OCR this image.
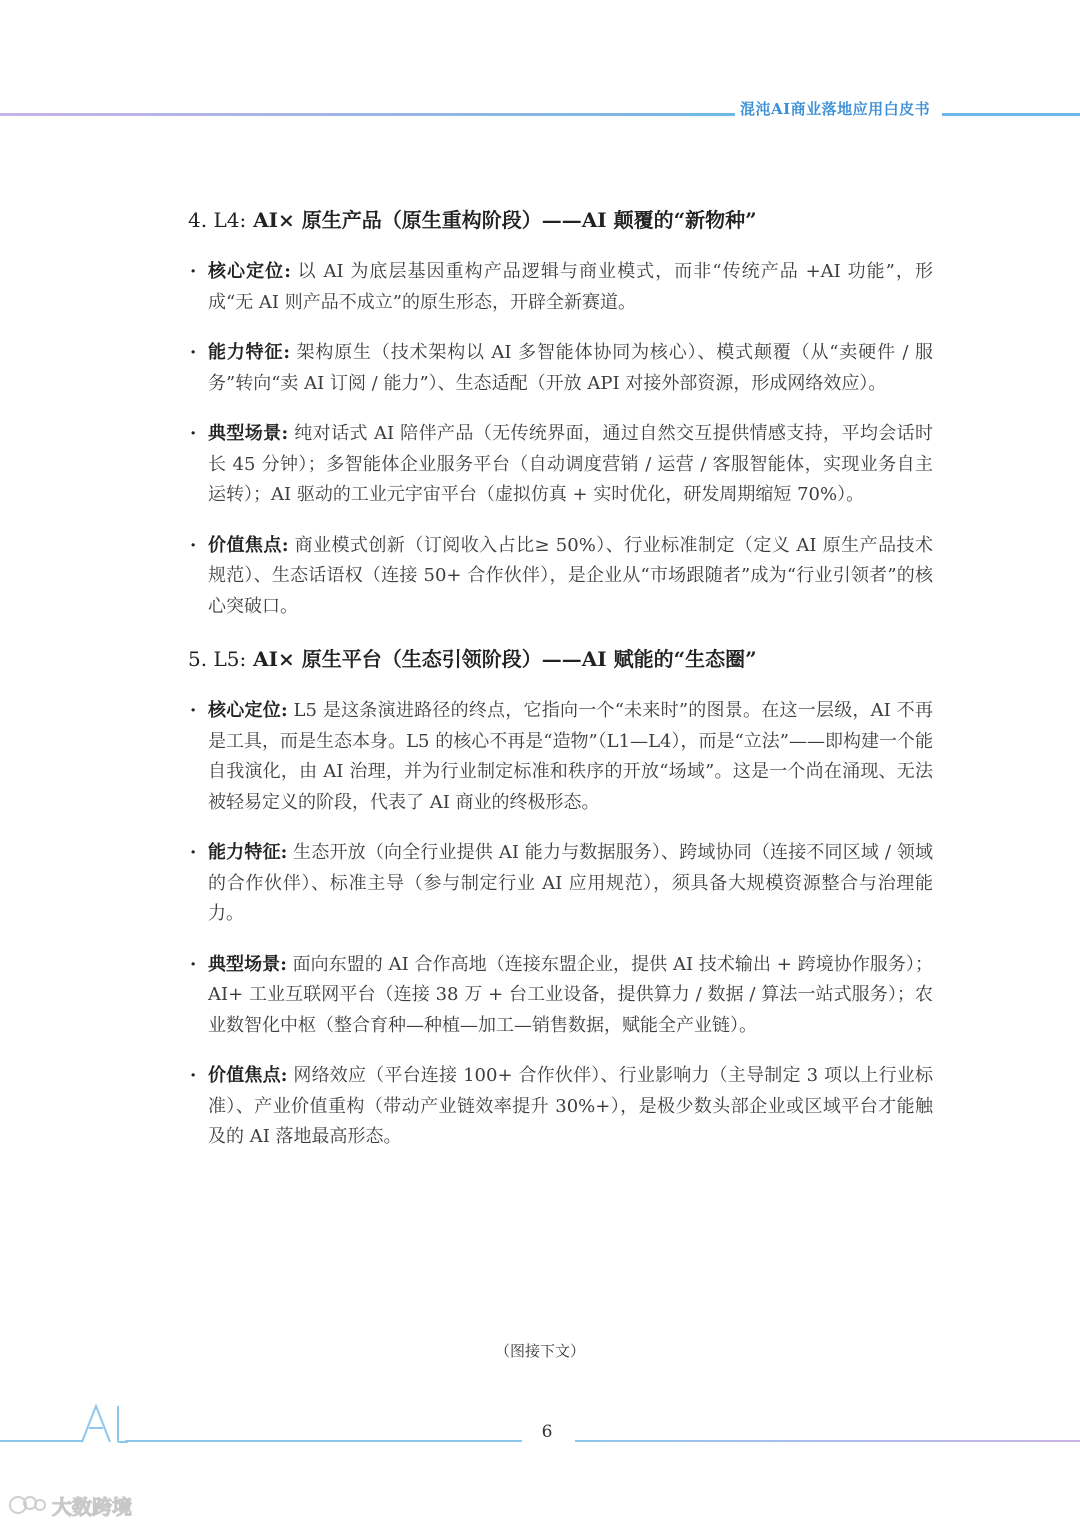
混沌AI商业落地应用白皮书
4. L4: AI× 原生产品（原生重构阶段）——AI 颠覆的“新物种”
· 核心定位: 以 AI 为底层基因重构产品逻辑与商业模式，而非“传统产品 +AI 功能”，形成“无 AI 则产品不成立”的原生形态，开辟全新赛道。
· 能力特征: 架构原生（技术架构以 AI 多智能体协同为核心）、模式颠覆（从“卖硬件 / 服务”转向“卖 AI 订阅 / 能力”）、生态适配（开放 API 对接外部资源，形成网络效应）。
· 典型场景: 纯对话式 AI 陪伴产品（无传统界面，通过自然交互提供情感支持，平均会话时长 45 分钟）；多智能体企业服务平台（自动调度营销 / 运营 / 客服智能体，实现业务自主运转）；AI 驱动的工业元宇宙平台（虚拟仿真 + 实时优化，研发周期缩短 70%）。
· 价值焦点: 商业模式创新（订阅收入占比≥ 50%）、行业标准制定（定义 AI 原生产品技术规范）、生态话语权（连接 50+ 合作伙伴），是企业从“市场跟随者”成为“行业引领者”的核心突破口。
5. L5: AI× 原生平台（生态引领阶段）——AI 赋能的“生态圈”
· 核心定位: L5 是这条演进路径的终点，它指向一个“未来时”的图景。在这一层级，AI 不再是工具，而是生态本身。L5 的核心不再是“造物”（L1—L4），而是“立法”——即构建一个能自我演化，由 AI 治理，并为行业制定标准和秩序的开放“场域”。这是一个尚在涌现、无法被轻易定义的阶段，代表了 AI 商业的终极形态。
· 能力特征: 生态开放（向全行业提供 AI 能力与数据服务）、跨域协同（连接不同区域 / 领域的合作伙伴）、标准主导（参与制定行业 AI 应用规范），须具备大规模资源整合与治理能力。
· 典型场景: 面向东盟的 AI 合作高地（连接东盟企业，提供 AI 技术输出 + 跨境协作服务）；AI+ 工业互联网平台（连接 38 万 + 台工业设备，提供算力 / 数据 / 算法一站式服务）；农业数智化中枢（整合育种—种植—加工—销售数据，赋能全产业链）。
· 价值焦点: 网络效应（平台连接 100+ 合作伙伴）、行业影响力（主导制定 3 项以上行业标准）、产业价值重构（带动产业链效率提升 30%+），是极少数头部企业或区域平台才能触及的 AI 落地最高形态。
（图接下文）
6
大数跨境
